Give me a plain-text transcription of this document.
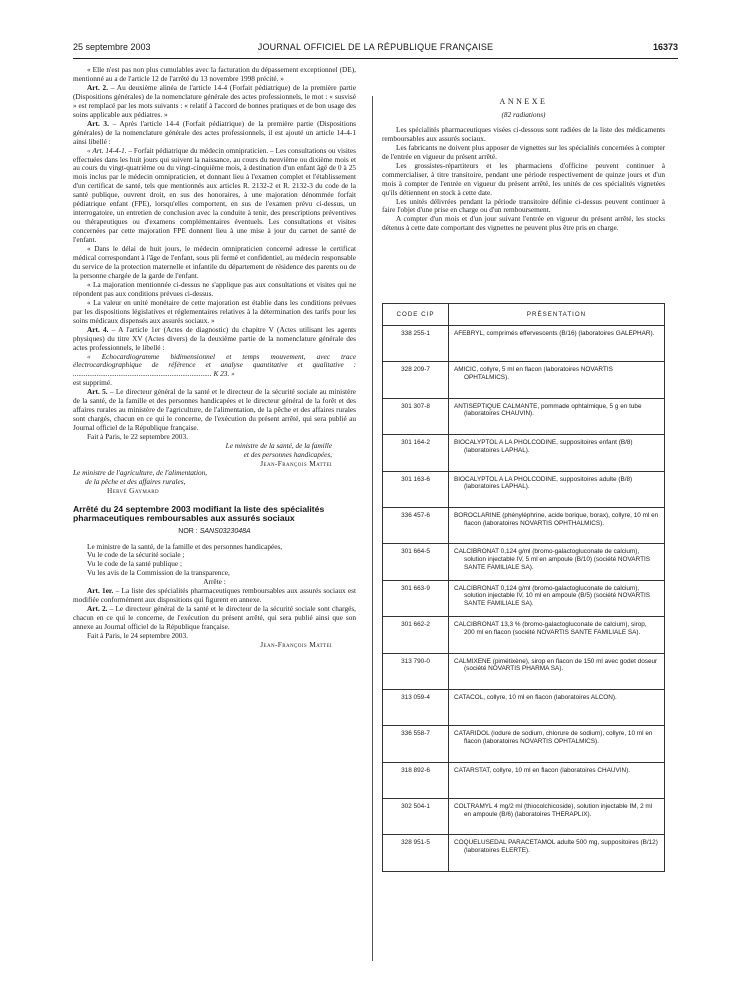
25 septembre 2003	JOURNAL OFFICIEL DE LA RÉPUBLIQUE FRANÇAISE	16373

« Elle n'est pas non plus cumulables avec la facturation du dépassement exceptionnel (DE), mentionné au a de l'article 12 de l'arrêté du 13 novembre 1998 précité. »

Art. 2. – Au deuxième alinéa de l'article 14-4 (Forfait pédiatrique) de la première partie (Dispositions générales) de la nomenclature générale des actes professionnels, le mot : « susvisé » est remplacé par les mots suivants : « relatif à l'accord de bonnes pratiques et de bon usage des soins applicable aux pédiatres. »

Art. 3. – Après l'article 14-4 (Forfait pédiatrique) de la première partie (Dispositions générales) de la nomenclature générale des actes professionnels, il est ajouté un article 14-4-1 ainsi libellé :

« Art. 14-4-1. – Forfait pédiatrique du médecin omnipraticien. – Les consultations ou visites effectuées dans les huit jours qui suivent la naissance, au cours du neuvième ou dixième mois et au cours du vingt-quatrième ou du vingt-cinquième mois, à destination d'un enfant âgé de 0 à 25 mois inclus par le médecin omnipraticien, et donnant lieu à l'examen complet et l'établissement d'un certificat de santé, tels que mentionnés aux articles R. 2132-2 et R. 2132-3 du code de la santé publique, ouvrent droit, en sus des honoraires, à une majoration dénommée forfait pédiatrique enfant (FPE), lorsqu'elles comportent, en sus de l'examen prévu ci-dessus, un interrogatoire, un entretien de conclusion avec la conduite à tenir, des prescriptions préventives ou thérapeutiques ou d'examens complémentaires éventuels. Les consultations et visites concernées par cette majoration FPE donnent lieu à une mise à jour du carnet de santé de l'enfant.

« Dans le délai de huit jours, le médecin omnipraticien concerné adresse le certificat médical correspondant à l'âge de l'enfant, sous pli fermé et confidentiel, au médecin responsable du service de la protection maternelle et infantile du département de résidence des parents ou de la personne chargée de la garde de l'enfant.

« La majoration mentionnée ci-dessus ne s'applique pas aux consultations et visites qui ne répondent pas aux conditions prévues ci-dessus.

« La valeur en unité monétaire de cette majoration est établie dans les conditions prévues par les dispositions législatives et réglementaires relatives à la détermination des tarifs pour les soins médicaux dispensés aux assurés sociaux. »

Art. 4. – A l'article 1er (Actes de diagnostic) du chapitre V (Actes utilisant les agents physiques) du titre XV (Actes divers) de la deuxième partie de la nomenclature générale des actes professionnels, le libellé :

« Echocardiogramme bidimensionnel et temps mouvement, avec trace électrocardiographique de référence et analyse quantitative et qualitative : ............................................................................ K 23. »

est supprimé.

Art. 5. – Le directeur général de la santé et le directeur de la sécurité sociale au ministère de la santé, de la famille et des personnes handicapées et le directeur général de la forêt et des affaires rurales au ministère de l'agriculture, de l'alimentation, de la pêche et des affaires rurales sont chargés, chacun en ce qui le concerne, de l'exécution du présent arrêté, qui sera publié au Journal officiel de la République française.

Fait à Paris, le 22 septembre 2003.

Le ministre de la santé, de la famille

et des personnes handicapées,

Jean-François Mattei

Le ministre de l'agriculture, de l'alimentation,

de la pêche et des affaires rurales,

Hervé Gaymard

Arrêté du 24 septembre 2003 modifiant la liste des spécialités pharmaceutiques remboursables aux assurés sociaux

NOR : SANS0323048A

Le ministre de la santé, de la famille et des personnes handicapées,

Vu le code de la sécurité sociale ;

Vu le code de la santé publique ;

Vu les avis de la Commission de la transparence,

Arrête :

Art. 1er. – La liste des spécialités pharmaceutiques remboursables aux assurés sociaux est modifiée conformément aux dispositions qui figurent en annexe.

Art. 2. – Le directeur général de la santé et le directeur de la sécurité sociale sont chargés, chacun en ce qui le concerne, de l'exécution du présent arrêté, qui sera publié ainsi que son annexe au Journal officiel de la République française.

Fait à Paris, le 24 septembre 2003.

Jean-François Mattei

ANNEXE

(82 radiations)

Les spécialités pharmaceutiques visées ci-dessous sont radiées de la liste des médicaments remboursables aux assurés sociaux.

Les fabricants ne doivent plus apposer de vignettes sur les spécialités concernées à compter de l'entrée en vigueur du présent arrêté.

Les grossistes-répartiteurs et les pharmaciens d'officine peuvent continuer à commercialiser, à titre transitoire, pendant une période respectivement de quinze jours et d'un mois à compter de l'entrée en vigueur du présent arrêté, les unités de ces spécialités vignetées qu'ils détiennent en stock à cette date.

Les unités délivrées pendant la période transitoire définie ci-dessus peuvent continuer à faire l'objet d'une prise en charge ou d'un remboursement.

A compter d'un mois et d'un jour suivant l'entrée en vigueur du présent arrêté, les stocks détenus à cette date comportant des vignettes ne peuvent plus être pris en charge.

CODE CIP	PRÉSENTATION
338 255-1	AFEBRYL, comprimés effervescents (B/16) (laboratoires GALEPHAR).

328 209-7	AMICIC, collyre, 5 ml en flacon (laboratoires NOVARTIS OPHTALMICS).

301 307-8	ANTISEPTIQUE CALMANTE, pommade ophtalmique, 5 g en tube (laboratoires CHAUVIN).

301 164-2	BIOCALYPTOL A LA PHOLCODINE, suppositoires enfant (B/8) (laboratoires LAPHAL).

301 163-6	BIOCALYPTOL A LA PHOLCODINE, suppositoires adulte (B/8) (laboratoires LAPHAL).

336 457-6	BOROCLARINE (phényléphrine, acide borique, borax), collyre, 10 ml en flacon (laboratoires NOVARTIS OPHTHALMICS).

301 664-5	CALCIBRONAT 0,124 g/ml (bromo-galactogluconate de calcium), solution injectable IV, 5 ml en ampoule (B/10) (société NOVARTIS SANTE FAMILIALE SA).

301 663-9	CALCIBRONAT 0,124 g/ml (bromo-galactogluconate de calcium), solution injectable IV, 10 ml en ampoule (B/5) (société NOVARTIS SANTE FAMILIALE SA).

301 662-2	CALCIBRONAT 13,3 % (bromo-galactogluconate de calcium), sirop, 200 ml en flacon (société NOVARTIS SANTE FAMILIALE SA).

313 790-0	CALMIXENE (pimétixène), sirop en flacon de 150 ml avec godet doseur (société NOVARTIS PHARMA SA).

313 059-4	CATACOL, collyre, 10 ml en flacon (laboratoires ALCON).

336 558-7	CATARIDOL (iodure de sodium, chlorure de sodium), collyre, 10 ml en flacon (laboratoires NOVARTIS OPHTALMICS).

318 892-6	CATARSTAT, collyre, 10 ml en flacon (laboratoires CHAUVIN).

302 504-1	COLTRAMYL 4 mg/2 ml (thiocolchicoside), solution injectable IM, 2 ml en ampoule (B/6) (laboratoires THERAPLIX).

328 951-5	COQUELUSEDAL PARACETAMOL adulte 500 mg, suppositoires (B/12) (laboratoires ELERTE).
